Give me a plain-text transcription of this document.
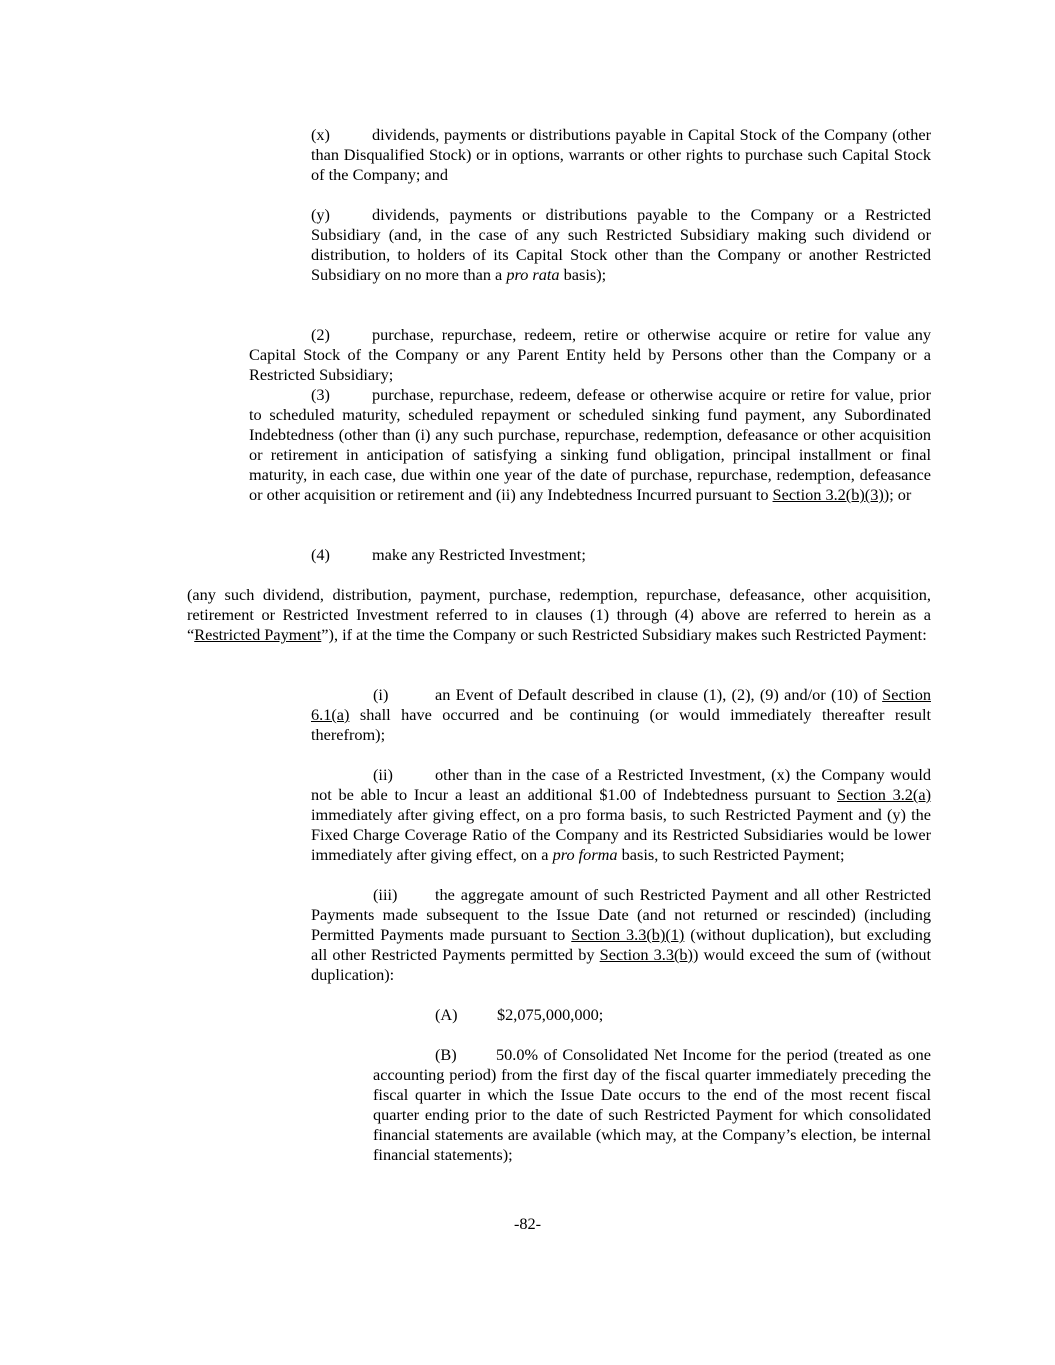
(x)	dividends, payments or distributions payable in Capital Stock of the Company (other than Disqualified Stock) or in options, warrants or other rights to purchase such Capital Stock of the Company; and

(y)	dividends, payments or distributions payable to the Company or a Restricted Subsidiary (and, in the case of any such Restricted Subsidiary making such dividend or distribution, to holders of its Capital Stock other than the Company or another Restricted Subsidiary on no more than a pro rata basis);

(2)	purchase, repurchase, redeem, retire or otherwise acquire or retire for value any Capital Stock of the Company or any Parent Entity held by Persons other than the Company or a Restricted Subsidiary;

(3)	purchase, repurchase, redeem, defease or otherwise acquire or retire for value, prior to scheduled maturity, scheduled repayment or scheduled sinking fund payment, any Subordinated Indebtedness (other than (i) any such purchase, repurchase, redemption, defeasance or other acquisition or retirement in anticipation of satisfying a sinking fund obligation, principal installment or final maturity, in each case, due within one year of the date of purchase, repurchase, redemption, defeasance or other acquisition or retirement and (ii) any Indebtedness Incurred pursuant to Section 3.2(b)(3)); or

(4)	make any Restricted Investment;

(any such dividend, distribution, payment, purchase, redemption, repurchase, defeasance, other acquisition, retirement or Restricted Investment referred to in clauses (1) through (4) above are referred to herein as a “Restricted Payment”), if at the time the Company or such Restricted Subsidiary makes such Restricted Payment:

(i)	an Event of Default described in clause (1), (2), (9) and/or (10) of Section 6.1(a) shall have occurred and be continuing (or would immediately thereafter result therefrom);

(ii)	other than in the case of a Restricted Investment, (x) the Company would not be able to Incur a least an additional $1.00 of Indebtedness pursuant to Section 3.2(a) immediately after giving effect, on a pro forma basis, to such Restricted Payment and (y) the Fixed Charge Coverage Ratio of the Company and its Restricted Subsidiaries would be lower immediately after giving effect, on a pro forma basis, to such Restricted Payment;

(iii) the aggregate amount of such Restricted Payment and all other Restricted Payments made subsequent to the Issue Date (and not returned or rescinded) (including Permitted Payments made pursuant to Section 3.3(b)(1) (without duplication), but excluding all other Restricted Payments permitted by Section 3.3(b)) would exceed the sum of (without duplication):

(A) $2,075,000,000;

(B) 50.0% of Consolidated Net Income for the period (treated as one accounting period) from the first day of the fiscal quarter immediately preceding the fiscal quarter in which the Issue Date occurs to the end of the most recent fiscal quarter ending prior to the date of such Restricted Payment for which consolidated financial statements are available (which may, at the Company’s election, be internal financial statements);

-82-
